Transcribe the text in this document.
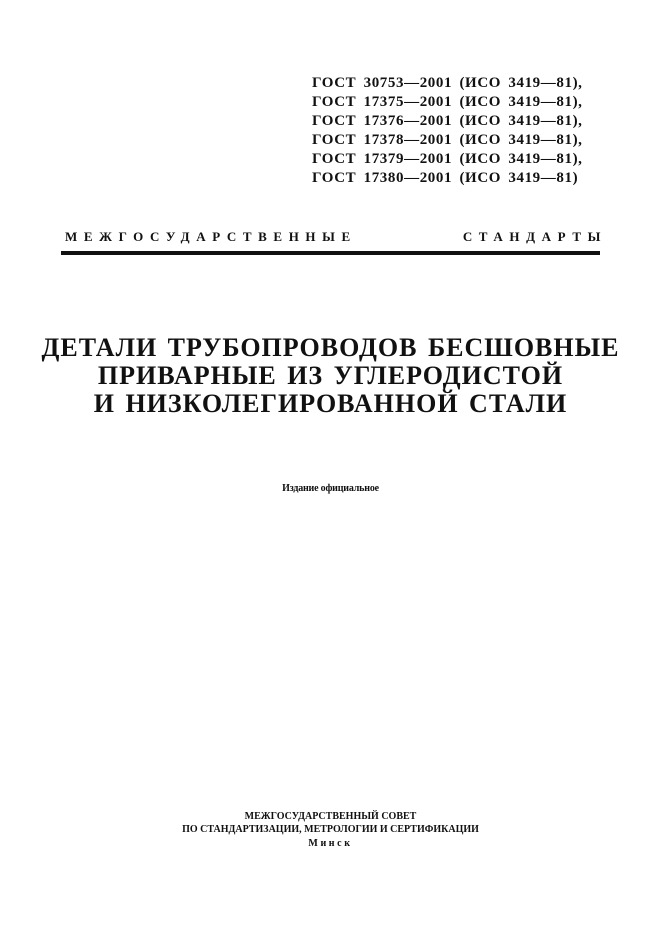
ГОСТ 30753—2001 (ИСО 3419—81),
ГОСТ 17375—2001 (ИСО 3419—81),
ГОСТ 17376—2001 (ИСО 3419—81),
ГОСТ 17378—2001 (ИСО 3419—81),
ГОСТ 17379—2001 (ИСО 3419—81),
ГОСТ 17380—2001 (ИСО 3419—81)
МЕЖГОСУДАРСТВЕННЫЕ	СТАНДАРТЫ
ДЕТАЛИ ТРУБОПРОВОДОВ БЕСШОВНЫЕ
ПРИВАРНЫЕ ИЗ УГЛЕРОДИСТОЙ
И НИЗКОЛЕГИРОВАННОЙ СТАЛИ
Издание официальное
МЕЖГОСУДАРСТВЕННЫЙ СОВЕТ
ПО СТАНДАРТИЗАЦИИ, МЕТРОЛОГИИ И СЕРТИФИКАЦИИ
Минск
